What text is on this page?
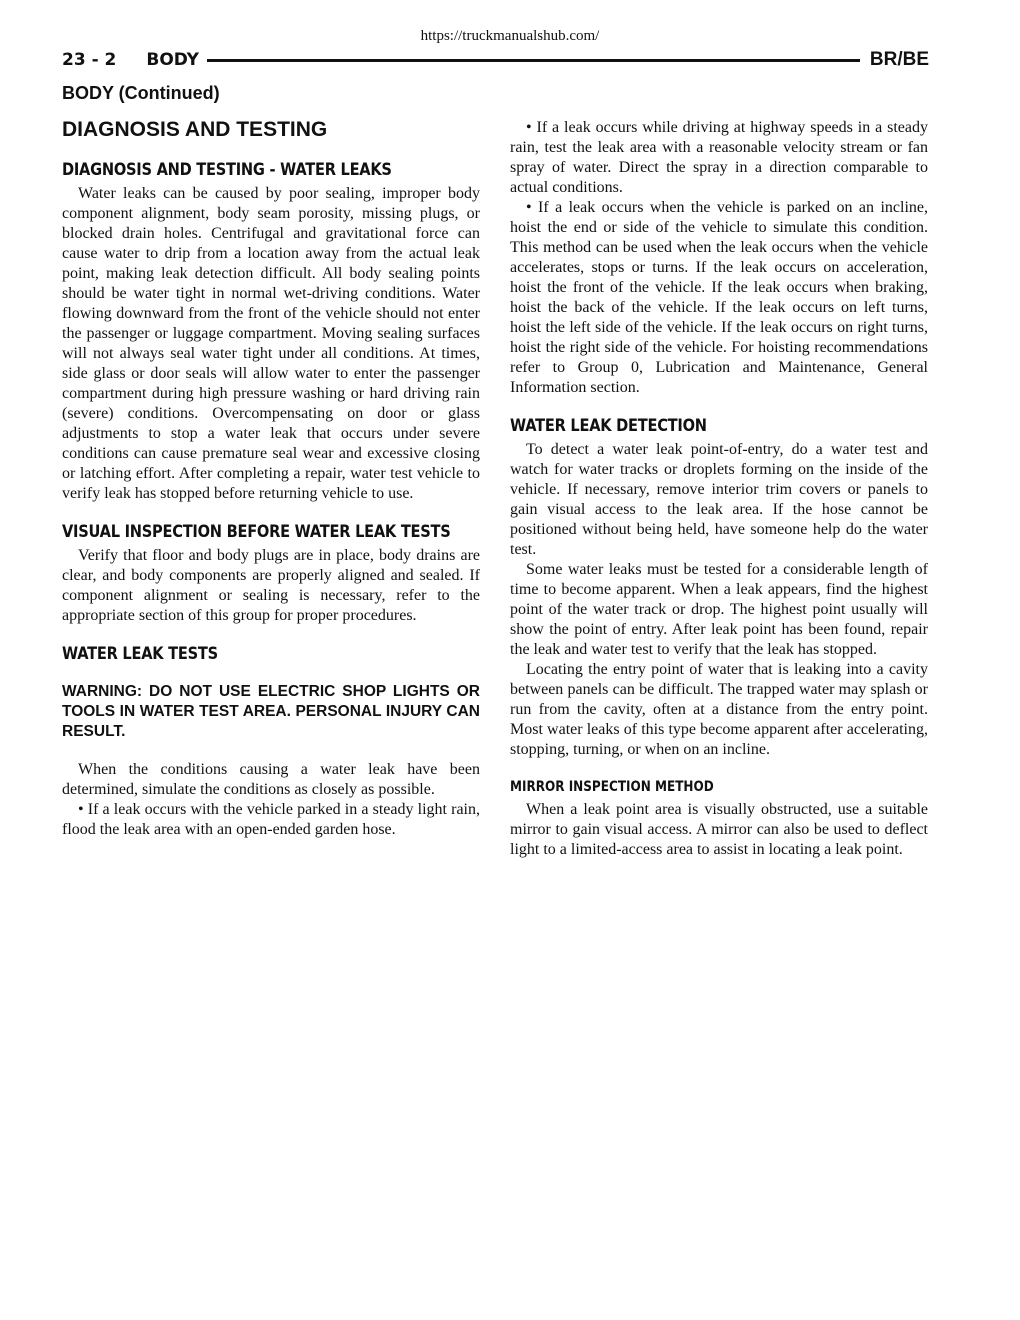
https://truckmanualshub.com/
23 - 2 BODY	BR/BE
BODY (Continued)
DIAGNOSIS AND TESTING
DIAGNOSIS AND TESTING - WATER LEAKS

Water leaks can be caused by poor sealing, improper body component alignment, body seam porosity, missing plugs, or blocked drain holes. Centrifugal and gravitational force can cause water to drip from a location away from the actual leak point, making leak detection difficult. All body sealing points should be water tight in normal wet-driving conditions. Water flowing downward from the front of the vehicle should not enter the passenger or luggage compartment. Moving sealing surfaces will not always seal water tight under all conditions. At times, side glass or door seals will allow water to enter the passenger compartment during high pressure washing or hard driving rain (severe) conditions. Overcompensating on door or glass adjustments to stop a water leak that occurs under severe conditions can cause premature seal wear and excessive closing or latching effort. After completing a repair, water test vehicle to verify leak has stopped before returning vehicle to use.

VISUAL INSPECTION BEFORE WATER LEAK TESTS

Verify that floor and body plugs are in place, body drains are clear, and body components are properly aligned and sealed. If component alignment or sealing is necessary, refer to the appropriate section of this group for proper procedures.

WATER LEAK TESTS
WARNING: DO NOT USE ELECTRIC SHOP LIGHTS OR TOOLS IN WATER TEST AREA. PERSONAL INJURY CAN RESULT.

When the conditions causing a water leak have been determined, simulate the conditions as closely as possible.

• If a leak occurs with the vehicle parked in a steady light rain, flood the leak area with an open-ended garden hose.

• If a leak occurs while driving at highway speeds in a steady rain, test the leak area with a reasonable velocity stream or fan spray of water. Direct the spray in a direction comparable to actual conditions.

• If a leak occurs when the vehicle is parked on an incline, hoist the end or side of the vehicle to simulate this condition. This method can be used when the leak occurs when the vehicle accelerates, stops or turns. If the leak occurs on acceleration, hoist the front of the vehicle. If the leak occurs when braking, hoist the back of the vehicle. If the leak occurs on left turns, hoist the left side of the vehicle. If the leak occurs on right turns, hoist the right side of the vehicle. For hoisting recommendations refer to Group 0, Lubrication and Maintenance, General Information section.

WATER LEAK DETECTION

To detect a water leak point-of-entry, do a water test and watch for water tracks or droplets forming on the inside of the vehicle. If necessary, remove interior trim covers or panels to gain visual access to the leak area. If the hose cannot be positioned without being held, have someone help do the water test.

Some water leaks must be tested for a considerable length of time to become apparent. When a leak appears, find the highest point of the water track or drop. The highest point usually will show the point of entry. After leak point has been found, repair the leak and water test to verify that the leak has stopped.

Locating the entry point of water that is leaking into a cavity between panels can be difficult. The trapped water may splash or run from the cavity, often at a distance from the entry point. Most water leaks of this type become apparent after accelerating, stopping, turning, or when on an incline.

MIRROR INSPECTION METHOD

When a leak point area is visually obstructed, use a suitable mirror to gain visual access. A mirror can also be used to deflect light to a limited-access area to assist in locating a leak point.
